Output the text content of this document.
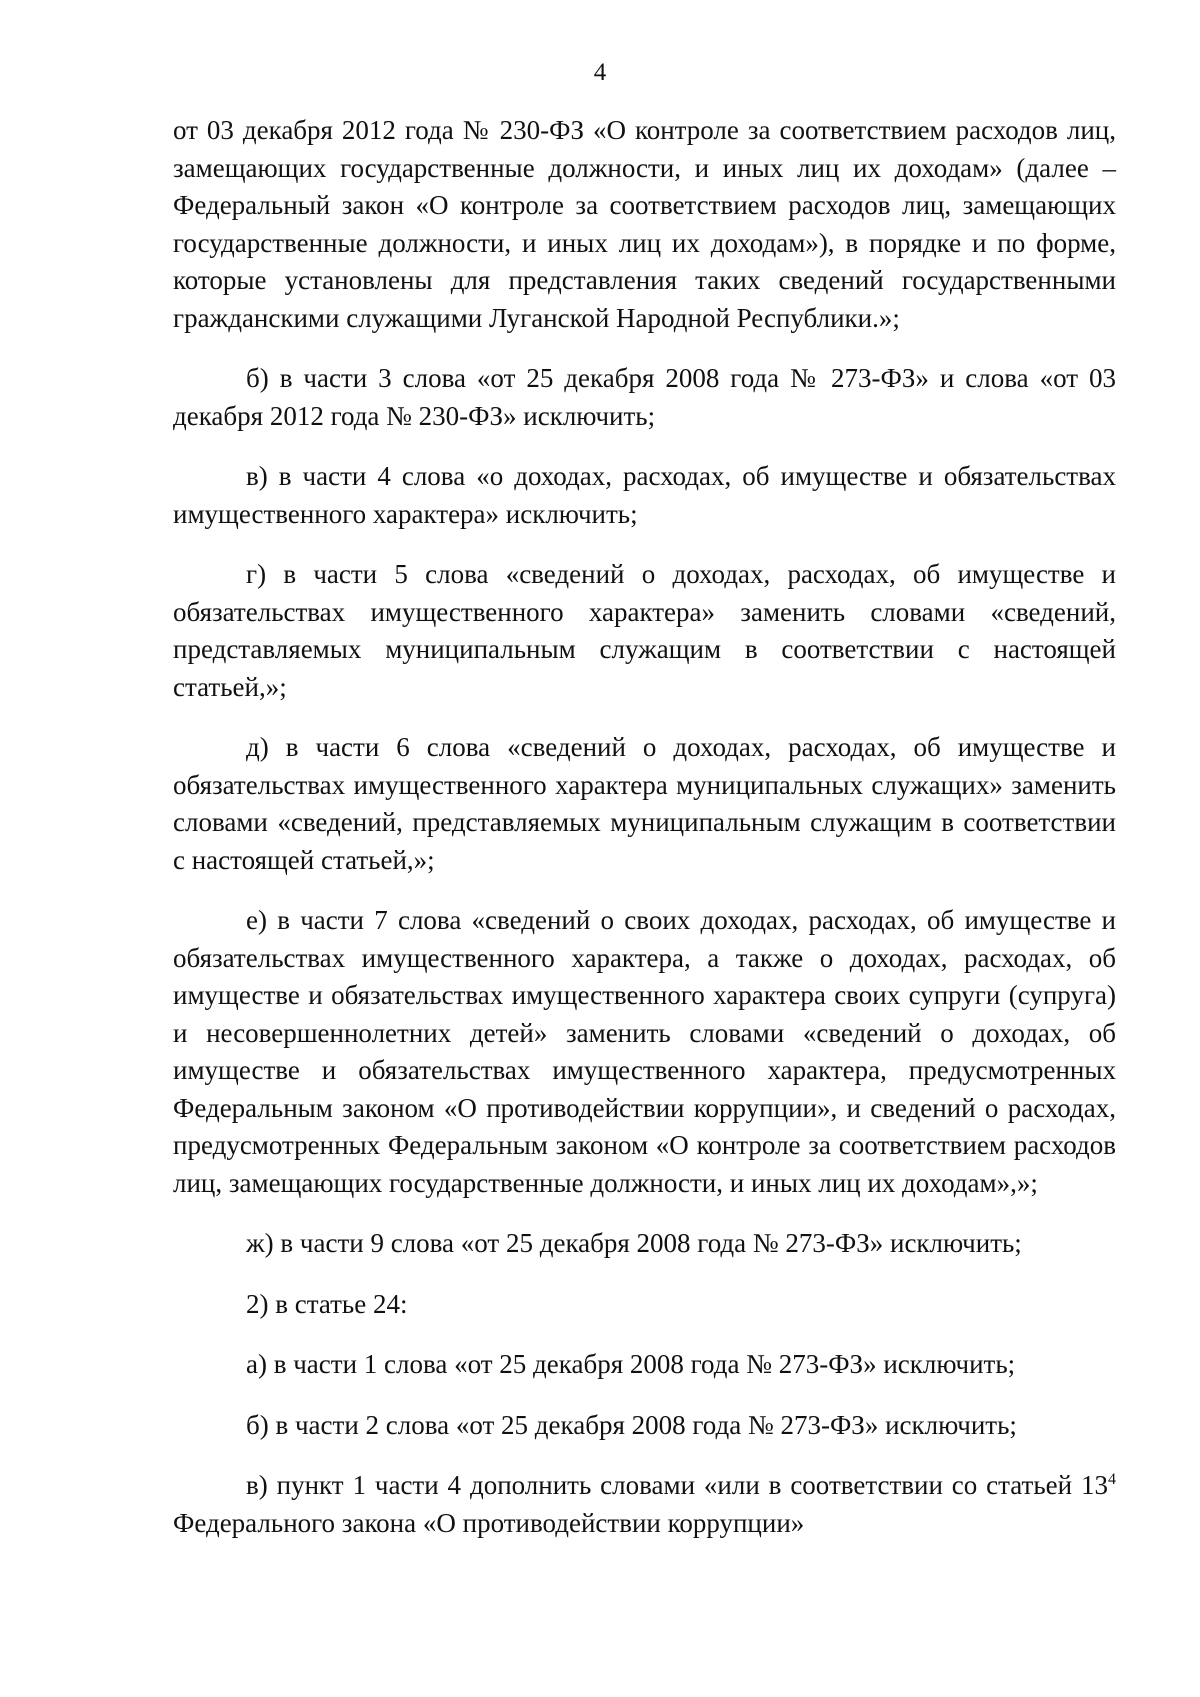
4

от 03 декабря 2012 года № 230-ФЗ «О контроле за соответствием расходов лиц, замещающих государственные должности, и иных лиц их доходам» (далее – Федеральный закон «О контроле за соответствием расходов лиц, замещающих государственные должности, и иных лиц их доходам»), в порядке и по форме, которые установлены для представления таких сведений государственными гражданскими служащими Луганской Народной Республики.»;

б) в части 3 слова «от 25 декабря 2008 года № 273-ФЗ» и слова «от 03 декабря 2012 года № 230-ФЗ» исключить;

в) в части 4 слова «о доходах, расходах, об имуществе и обязательствах имущественного характера» исключить;

г) в части 5 слова «сведений о доходах, расходах, об имуществе и обязательствах имущественного характера» заменить словами «сведений, представляемых муниципальным служащим в соответствии с настоящей статьей,»;

д) в части 6 слова «сведений о доходах, расходах, об имуществе и обязательствах имущественного характера муниципальных служащих» заменить словами «сведений, представляемых муниципальным служащим в соответствии с настоящей статьей,»;

е) в части 7 слова «сведений о своих доходах, расходах, об имуществе и обязательствах имущественного характера, а также о доходах, расходах, об имуществе и обязательствах имущественного характера своих супруги (супруга) и несовершеннолетних детей» заменить словами «сведений о доходах, об имуществе и обязательствах имущественного характера, предусмотренных Федеральным законом «О противодействии коррупции», и сведений о расходах, предусмотренных Федеральным законом «О контроле за соответствием расходов лиц, замещающих государственные должности, и иных лиц их доходам»,»;

ж) в части 9 слова «от 25 декабря 2008 года № 273-ФЗ» исключить;

2) в статье 24:

а) в части 1 слова «от 25 декабря 2008 года № 273-ФЗ» исключить;

б) в части 2 слова «от 25 декабря 2008 года № 273-ФЗ» исключить;

в) пункт 1 части 4 дополнить словами «или в соответствии со статьей $13^4$ Федерального закона «О противодействии коррупции»
